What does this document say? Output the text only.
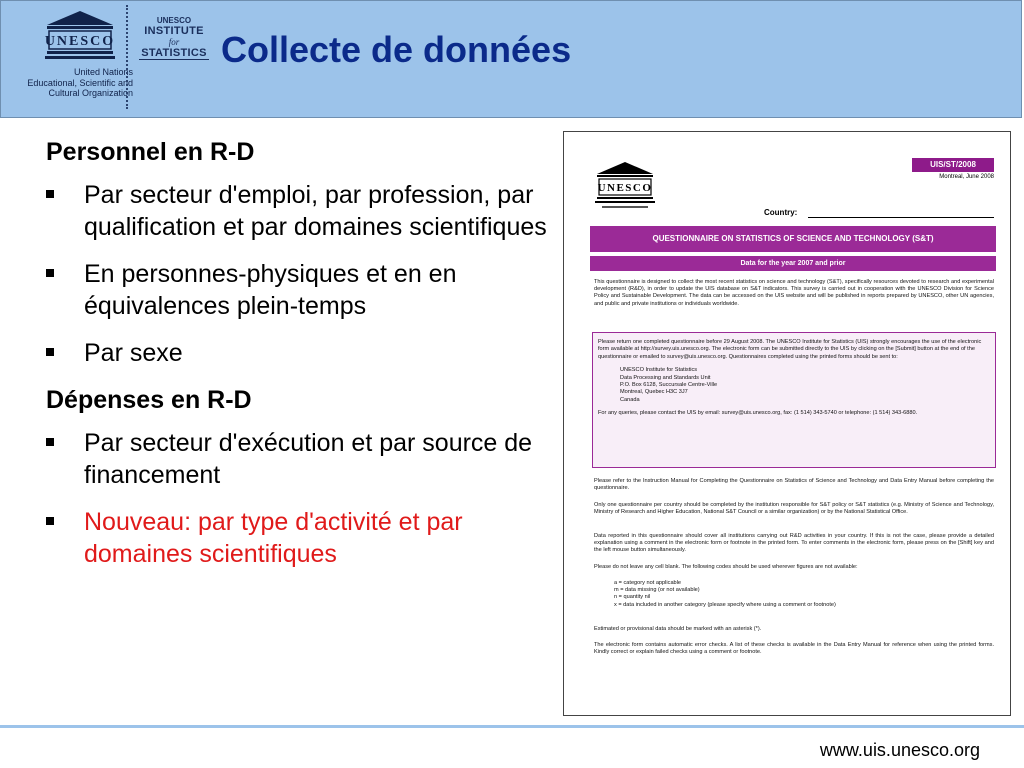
UNESCO
United Nations
Educational, Scientific and
Cultural Organization
UNESCO
INSTITUTE
for
STATISTICS Collecte de données
Personnel en R-D
Par secteur d'emploi, par profession, par qualification et par domaines scientifiques
En personnes-physiques et en en équivalences plein-temps
Par sexe
Dépenses en R-D
Par secteur d'exécution et par source de financement
Nouveau: par type d'activité et par domaines scientifiques
UNESCO
UIS/ST/2008
Montreal, June 2008
Country:
QUESTIONNAIRE ON STATISTICS OF SCIENCE AND TECHNOLOGY (S&T)
Data for the year 2007 and prior
This questionnaire is designed to collect the most recent statistics on science and technology (S&T), specifically resources devoted to research and experimental development (R&D), in order to update the UIS database on S&T indicators. This survey is carried out in cooperation with the UNESCO Division for Science Policy and Sustainable Development. The data can be accessed on the UIS website and will be published in reports prepared by UNESCO, other UN agencies, and public and private institutions or individuals worldwide.
Please return one completed questionnaire before 29 August 2008. The UNESCO Institute for Statistics (UIS) strongly encourages the use of the electronic form available at http://survey.uis.unesco.org. The electronic form can be submitted directly to the UIS by clicking on the [Submit] button at the end of the questionnaire or emailed to survey@uis.unesco.org. Questionnaires completed using the printed forms should be sent to:
UNESCO Institute for Statistics
Data Processing and Standards Unit
P.O. Box 6128, Succursale Centre-Ville
Montreal, Quebec H3C 3J7
Canada
For any queries, please contact the UIS by email: survey@uis.unesco.org, fax: (1 514) 343-5740 or telephone: (1 514) 343-6880.
Please refer to the Instruction Manual for Completing the Questionnaire on Statistics of Science and Technology and Data Entry Manual before completing the questionnaire.
Only one questionnaire per country should be completed by the institution responsible for S&T policy or S&T statistics (e.g. Ministry of Science and Technology, Ministry of Research and Higher Education, National S&T Council or a similar organization) or by the National Statistical Office.
Data reported in this questionnaire should cover all institutions carrying out R&D activities in your country. If this is not the case, please provide a detailed explanation using a comment in the electronic form or footnote in the printed form. To enter comments in the electronic form, please press on the [Shift] key and the left mouse button simultaneously.
Please do not leave any cell blank. The following codes should be used wherever figures are not available:
a = category not applicable
m = data missing (or not available)
n = quantity nil
x = data included in another category (please specify where using a comment or footnote)
Estimated or provisional data should be marked with an asterisk (*).
The electronic form contains automatic error checks. A list of these checks is available in the Data Entry Manual for reference when using the printed forms. Kindly correct or explain failed checks using a comment or footnote.
www.uis.unesco.org
